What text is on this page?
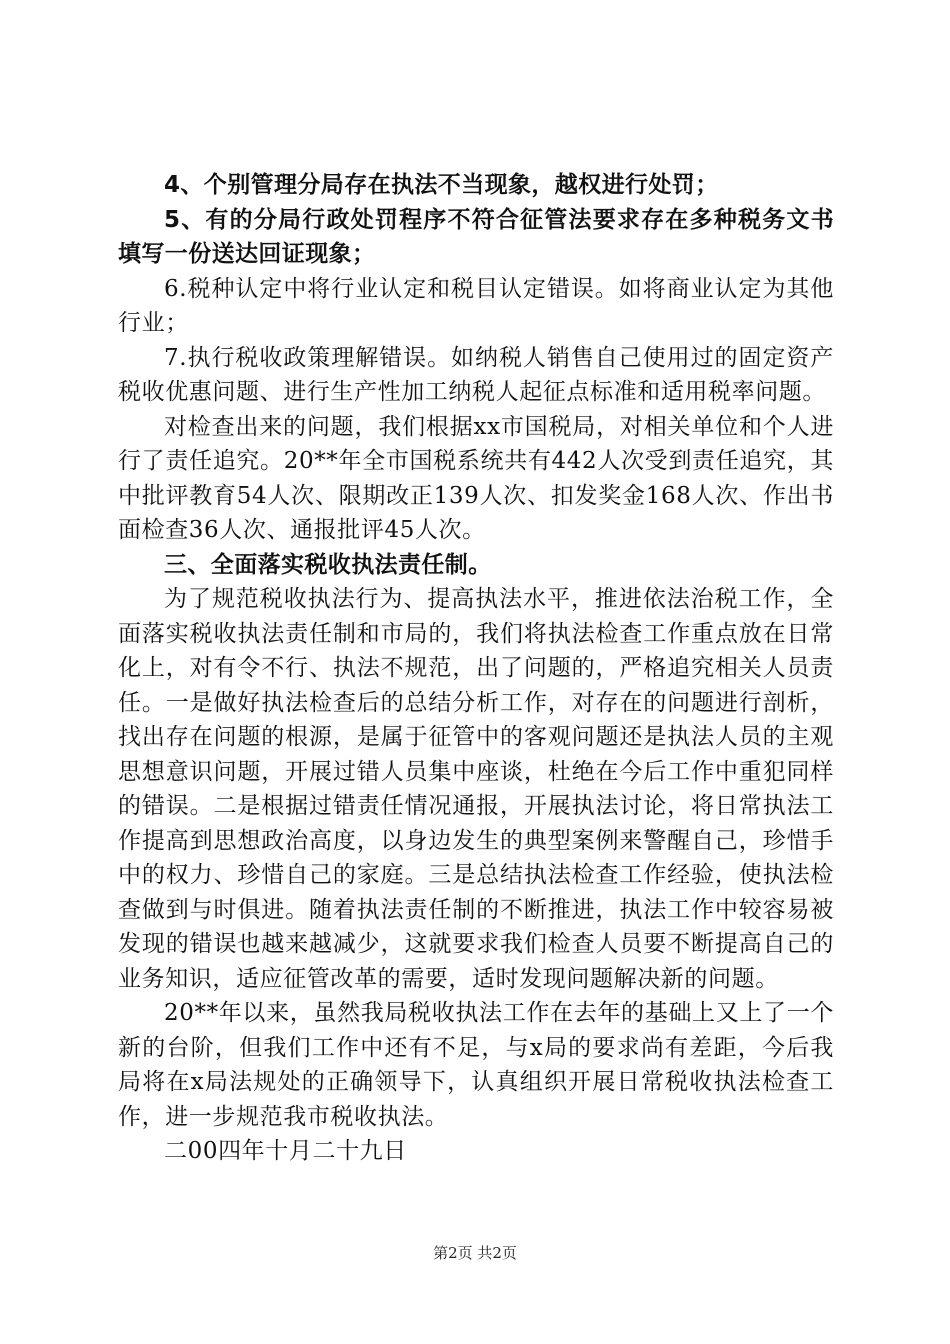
4、个别管理分局存在执法不当现象，越权进行处罚；

5、有的分局行政处罚程序不符合征管法要求存在多种税务文书填写一份送达回证现象；

6.税种认定中将行业认定和税目认定错误。如将商业认定为其他行业；

7.执行税收政策理解错误。如纳税人销售自己使用过的固定资产税收优惠问题、进行生产性加工纳税人起征点标准和适用税率问题。

对检查出来的问题，我们根据xx市国税局，对相关单位和个人进行了责任追究。20**年全市国税系统共有442人次受到责任追究，其中批评教育54人次、限期改正139人次、扣发奖金168人次、作出书面检查36人次、通报批评45人次。

三、全面落实税收执法责任制。

为了规范税收执法行为、提高执法水平，推进依法治税工作，全面落实税收执法责任制和市局的，我们将执法检查工作重点放在日常化上，对有令不行、执法不规范，出了问题的，严格追究相关人员责任。一是做好执法检查后的总结分析工作，对存在的问题进行剖析，找出存在问题的根源，是属于征管中的客观问题还是执法人员的主观思想意识问题，开展过错人员集中座谈，杜绝在今后工作中重犯同样的错误。二是根据过错责任情况通报，开展执法讨论，将日常执法工作提高到思想政治高度，以身边发生的典型案例来警醒自己，珍惜手中的权力、珍惜自己的家庭。三是总结执法检查工作经验，使执法检查做到与时俱进。随着执法责任制的不断推进，执法工作中较容易被发现的错误也越来越减少，这就要求我们检查人员要不断提高自己的业务知识，适应征管改革的需要，适时发现问题解决新的问题。

20**年以来，虽然我局税收执法工作在去年的基础上又上了一个新的台阶，但我们工作中还有不足，与x局的要求尚有差距，今后我局将在x局法规处的正确领导下，认真组织开展日常税收执法检查工作，进一步规范我市税收执法。

二00四年十月二十九日

第2页 共2页
